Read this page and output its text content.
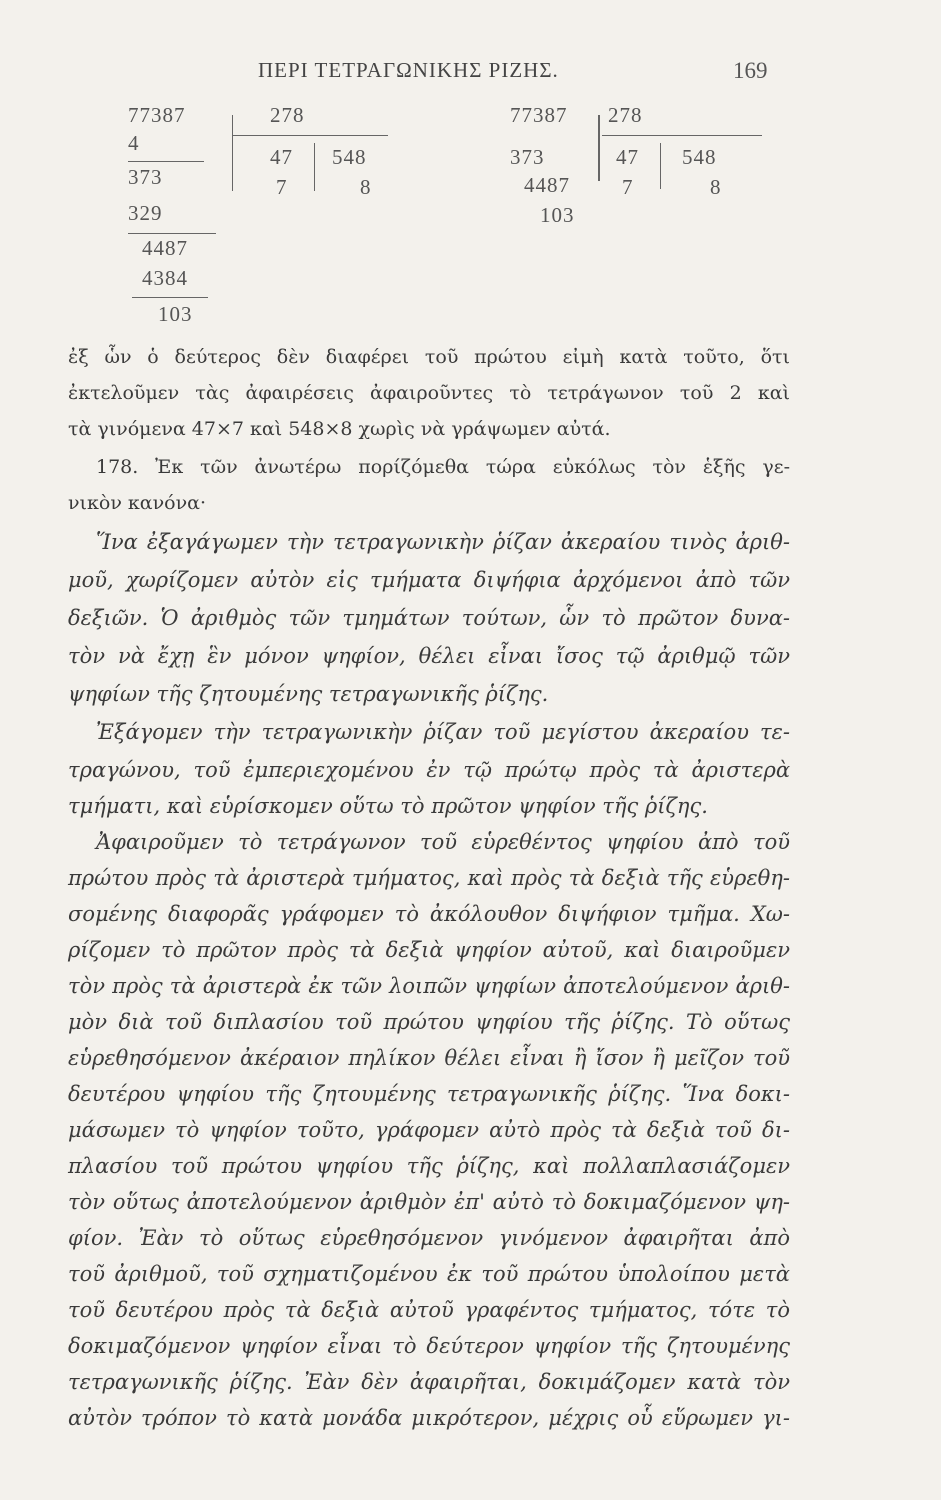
ΠΕΡΙ ΤΕΤΡΑΓΩΝΙΚΗΣ ΡΙΖΗΣ.	169
77387
4
373
329
4487
4384
103
278
47
7
548
8
77387
373
4487
103
278
47
7
548
8
ἐξ ὧν ὁ δεύτερος δὲν διαφέρει τοῦ πρώτου εἰμὴ κατὰ τοῦτο, ὅτι
ἐκτελοῦμεν τὰς ἀφαιρέσεις ἀφαιροῦντες τὸ τετράγωνον τοῦ 2 καὶ
τὰ γινόμενα 47×7 καὶ 548×8 χωρὶς νὰ γράψωμεν αὐτά.
178. Ἐκ τῶν ἀνωτέρω πορίζόμεθα τώρα εὐκόλως τὸν ἑξῆς γε-
νικὸν κανόνα·
Ἵνα ἐξαγάγωμεν τὴν τετραγωνικὴν ῥίζαν ἀκεραίου τινὸς ἀριθ-
μοῦ, χωρίζομεν αὐτὸν εἰς τμήματα διψήφια ἀρχόμενοι ἀπὸ τῶν
δεξιῶν. Ὁ ἀριθμὸς τῶν τμημάτων τούτων, ὧν τὸ πρῶτον δυνα-
τὸν νὰ ἔχῃ ἓν μόνον ψηφίον, θέλει εἶναι ἴσος τῷ ἀριθμῷ τῶν
ψηφίων τῆς ζητουμένης τετραγωνικῆς ῥίζης.
Ἐξάγομεν τὴν τετραγωνικὴν ῥίζαν τοῦ μεγίστου ἀκεραίου τε-
τραγώνου, τοῦ ἐμπεριεχομένου ἐν τῷ πρώτῳ πρὸς τὰ ἀριστερὰ
τμήματι, καὶ εὑρίσκομεν οὕτω τὸ πρῶτον ψηφίον τῆς ῥίζης.
Ἀφαιροῦμεν τὸ τετράγωνον τοῦ εὑρεθέντος ψηφίου ἀπὸ τοῦ
πρώτου πρὸς τὰ ἀριστερὰ τμήματος, καὶ πρὸς τὰ δεξιὰ τῆς εὑρεθη-
σομένης διαφορᾶς γράφομεν τὸ ἀκόλουθον διψήφιον τμῆμα. Χω-
ρίζομεν τὸ πρῶτον πρὸς τὰ δεξιὰ ψηφίον αὐτοῦ, καὶ διαιροῦμεν
τὸν πρὸς τὰ ἀριστερὰ ἐκ τῶν λοιπῶν ψηφίων ἀποτελούμενον ἀριθ-
μὸν διὰ τοῦ διπλασίου τοῦ πρώτου ψηφίου τῆς ῥίζης. Τὸ οὕτως
εὑρεθησόμενον ἀκέραιον πηλίκον θέλει εἶναι ἢ ἴσον ἢ μεῖζον τοῦ
δευτέρου ψηφίου τῆς ζητουμένης τετραγωνικῆς ῥίζης. Ἵνα δοκι-
μάσωμεν τὸ ψηφίον τοῦτο, γράφομεν αὐτὸ πρὸς τὰ δεξιὰ τοῦ δι-
πλασίου τοῦ πρώτου ψηφίου τῆς ῥίζης, καὶ πολλαπλασιάζομεν
τὸν οὕτως ἀποτελούμενον ἀριθμὸν ἐπ' αὐτὸ τὸ δοκιμαζόμενον ψη-
φίον. Ἐὰν τὸ οὕτως εὑρεθησόμενον γινόμενον ἀφαιρῆται ἀπὸ
τοῦ ἀριθμοῦ, τοῦ σχηματιζομένου ἐκ τοῦ πρώτου ὑπολοίπου μετὰ
τοῦ δευτέρου πρὸς τὰ δεξιὰ αὐτοῦ γραφέντος τμήματος, τότε τὸ
δοκιμαζόμενον ψηφίον εἶναι τὸ δεύτερον ψηφίον τῆς ζητουμένης
τετραγωνικῆς ῥίζης. Ἐὰν δὲν ἀφαιρῆται, δοκιμάζομεν κατὰ τὸν
αὐτὸν τρόπον τὸ κατὰ μονάδα μικρότερον, μέχρις οὗ εὕρωμεν γι-
